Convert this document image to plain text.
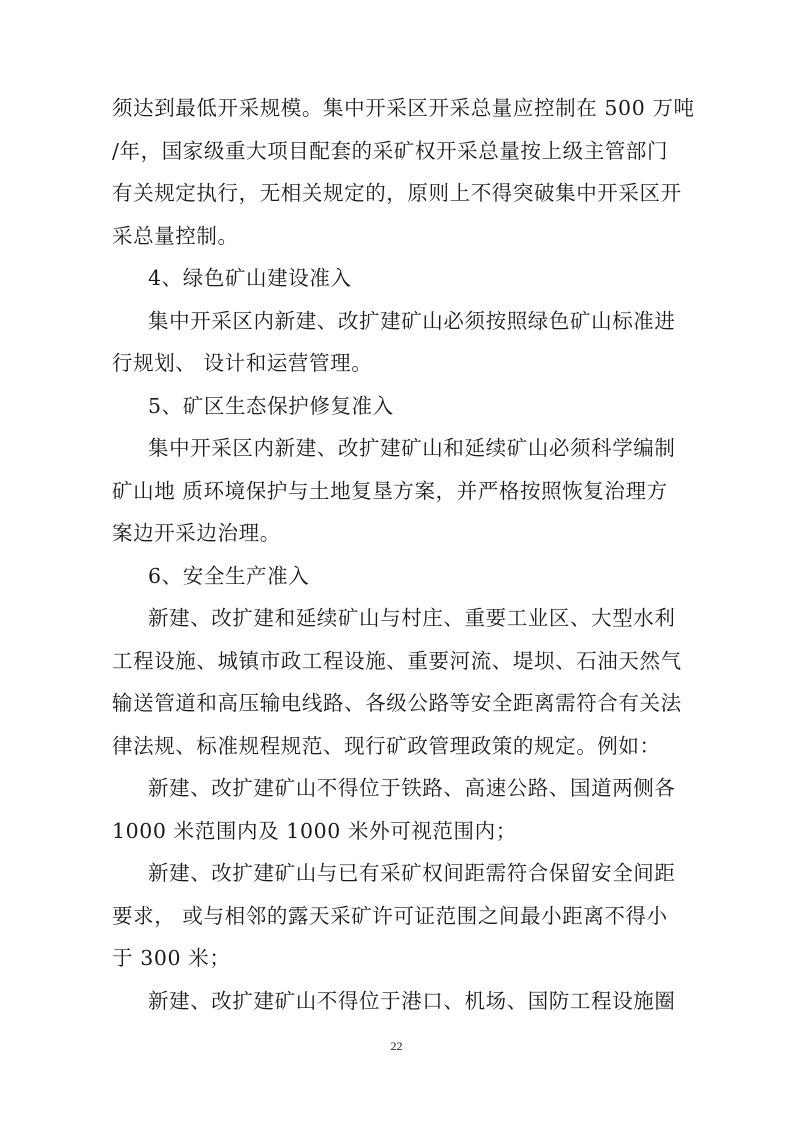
须达到最低开采规模。集中开采区开采总量应控制在 500 万吨
/年，国家级重大项目配套的采矿权开采总量按上级主管部门
有关规定执行，无相关规定的，原则上不得突破集中开采区开
采总量控制。
4、绿色矿山建设准入
集中开采区内新建、改扩建矿山必须按照绿色矿山标准进
行规划、 设计和运营管理。
5、矿区生态保护修复准入
集中开采区内新建、改扩建矿山和延续矿山必须科学编制
矿山地 质环境保护与土地复垦方案，并严格按照恢复治理方
案边开采边治理。
6、安全生产准入
新建、改扩建和延续矿山与村庄、重要工业区、大型水利
工程设施、城镇市政工程设施、重要河流、堤坝、石油天然气
输送管道和高压输电线路、各级公路等安全距离需符合有关法
律法规、标准规程规范、现行矿政管理政策的规定。例如：
新建、改扩建矿山不得位于铁路、高速公路、国道两侧各
1000 米范围内及 1000 米外可视范围内；
新建、改扩建矿山与已有采矿权间距需符合保留安全间距
要求， 或与相邻的露天采矿许可证范围之间最小距离不得小
于 300 米；
新建、改扩建矿山不得位于港口、机场、国防工程设施圈
22
